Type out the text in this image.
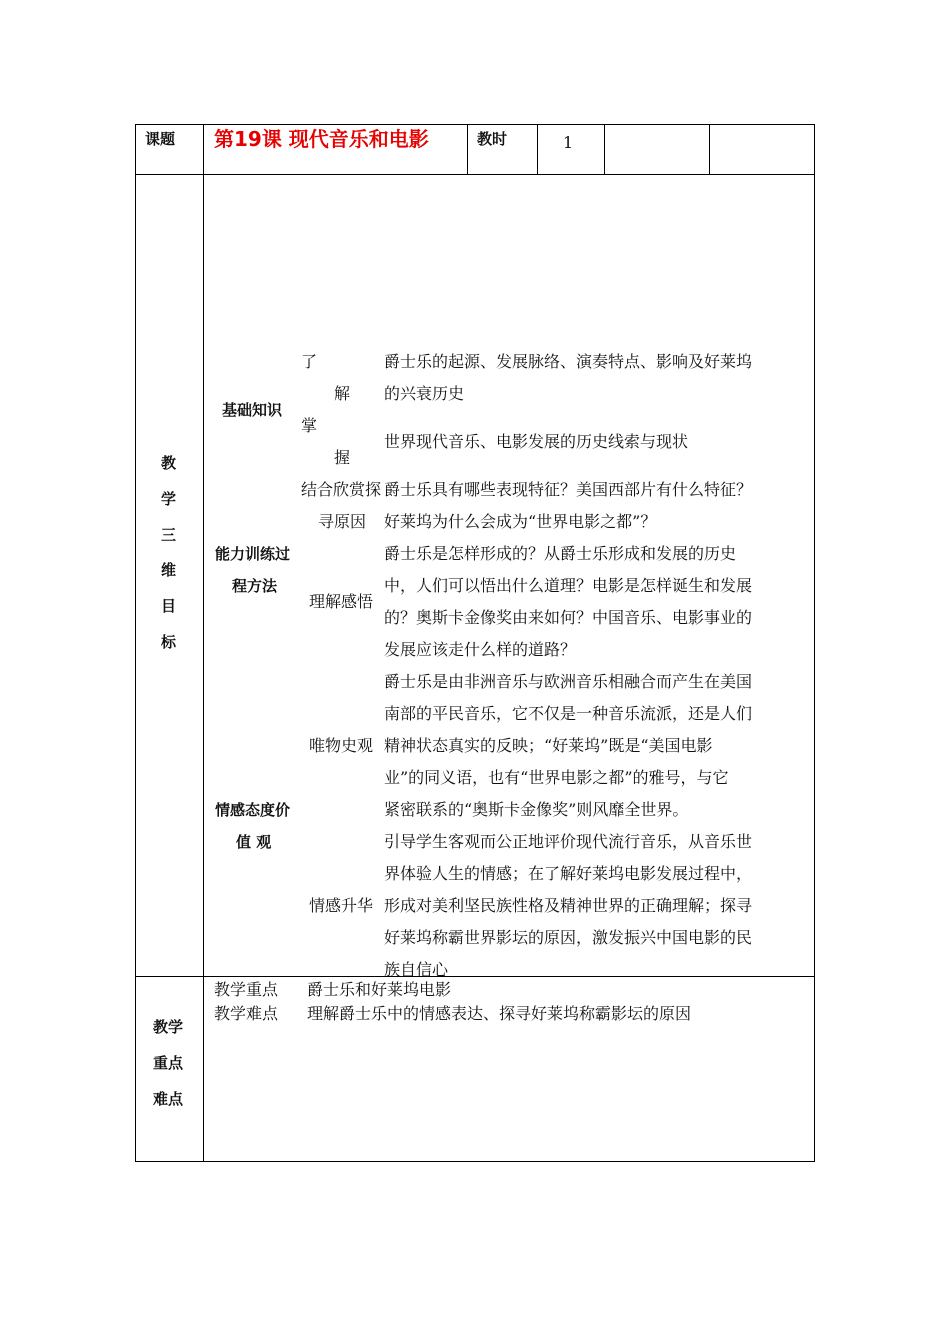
课题 第19课 现代音乐和电影	教时	1
教
学
三
维
目
标
基础知识
了
解
爵士乐的起源、发展脉络、演奏特点、影响及好莱坞
的兴衰历史
掌
握
世界现代音乐、电影发展的历史线索与现状
结合欣赏探
寻原因
爵士乐具有哪些表现特征？美国西部片有什么特征？
好莱坞为什么会成为“世界电影之都”？
能力训练过
程方法
理解感悟
爵士乐是怎样形成的？从爵士乐形成和发展的历史
中，人们可以悟出什么道理？电影是怎样诞生和发展
的？奥斯卡金像奖由来如何？中国音乐、电影事业的
发展应该走什么样的道路？
唯物史观
爵士乐是由非洲音乐与欧洲音乐相融合而产生在美国
南部的平民音乐，它不仅是一种音乐流派，还是人们
精神状态真实的反映；“好莱坞”既是“美国电影
业”的同义语，也有“世界电影之都”的雅号，与它
紧密联系的“奥斯卡金像奖”则风靡全世界。
情感态度价
值 观
情感升华
引导学生客观而公正地评价现代流行音乐，从音乐世
界体验人生的情感；在了解好莱坞电影发展过程中，
形成对美利坚民族性格及精神世界的正确理解；探寻
好莱坞称霸世界影坛的原因，激发振兴中国电影的民
族自信心
教学
重点
难点
教学重点 爵士乐和好莱坞电影
教学难点 理解爵士乐中的情感表达、探寻好莱坞称霸影坛的原因
